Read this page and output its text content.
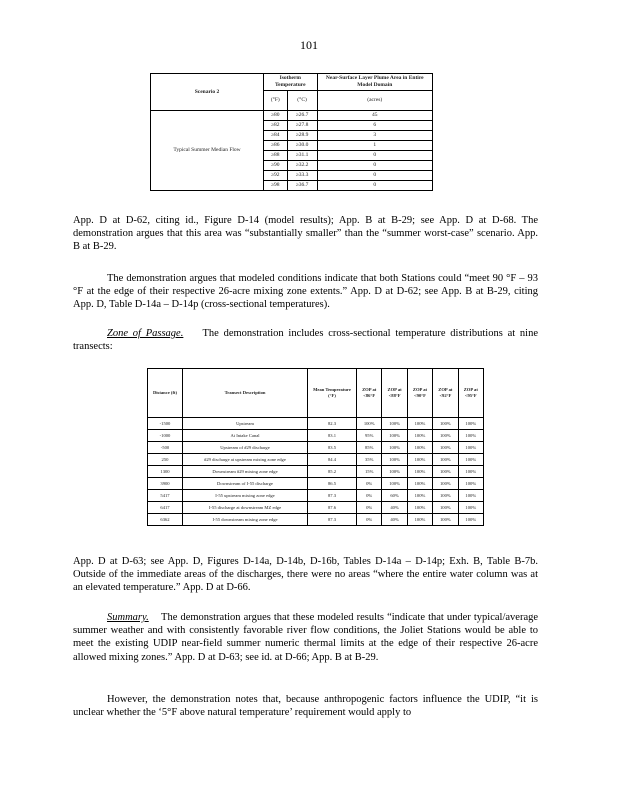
101
Scenario 2	Isotherm Temperature		Near-Surface Layer Plume Area in Entire Model Domain
	(°F)	(°C)	(acres)
Typical Summer Median Flow	≥80	≥26.7	45
	≥82	≥27.8	6
	≥84	≥28.9	3
	≥86	≥30.0	1
	≥88	≥31.1	0
	≥90	≥32.2	0
	≥92	≥33.3	0
	≥98	≥36.7	0
App. D at D-62, citing id., Figure D-14 (model results); App. B at B-29; see App. D at D-68. The demonstration argues that this area was “substantially smaller” than the “summer worst-case” scenario. App. B at B-29.
The demonstration argues that modeled conditions indicate that both Stations could “meet 90 °F – 93 °F at the edge of their respective 26-acre mixing zone extents.” App. D at D-62; see App. B at B-29, citing App. D, Table D-14a – D-14p (cross-sectional temperatures).
Zone of Passage. The demonstration includes cross-sectional temperature distributions at nine transects:
Distance (ft)	Transect Description	Mean Temperature (°F)	ZOP at <86°F	ZOP at <88°F	ZOP at <90°F	ZOP at <92°F	ZOP at <95°F
-1500	Upstream	82.3	100%	100%	100%	100%	100%
-1000	At Intake Canal	83.1	95%	100%	100%	100%	100%
-500	Upstream of #29 discharge	83.5	85%	100%	100%	100%	100%
250	#29 discharge at upstream mixing zone edge	84.4	35%	100%	100%	100%	100%
1300	Downstream #29 mixing zone edge	85.2	15%	100%	100%	100%	100%
3900	Downstream of I-55 discharge	86.5	0%	100%	100%	100%	100%
5417	I-55 upstream mixing zone edge	87.3	0%	60%	100%	100%	100%
6417	I-55 discharge at downstream MZ edge	87.6	0%	40%	100%	100%	100%
6362	I-55 downstream mixing zone edge	87.3	0%	40%	100%	100%	100%
App. D at D-63; see App. D, Figures D-14a, D-14b, D-16b, Tables D-14a – D-14p; Exh. B, Table B-7b. Outside of the immediate areas of the discharges, there were no areas “where the entire water column was at an elevated temperature.” App. D at D-66.
Summary. The demonstration argues that these modeled results “indicate that under typical/average summer weather and with consistently favorable river flow conditions, the Joliet Stations would be able to meet the existing UDIP near-field summer numeric thermal limits at the edge of their respective 26-acre allowed mixing zones.” App. D at D-63; see id. at D-66; App. B at B-29.
However, the demonstration notes that, because anthropogenic factors influence the UDIP, “it is unclear whether the ‘5°F above natural temperature’ requirement would apply to
